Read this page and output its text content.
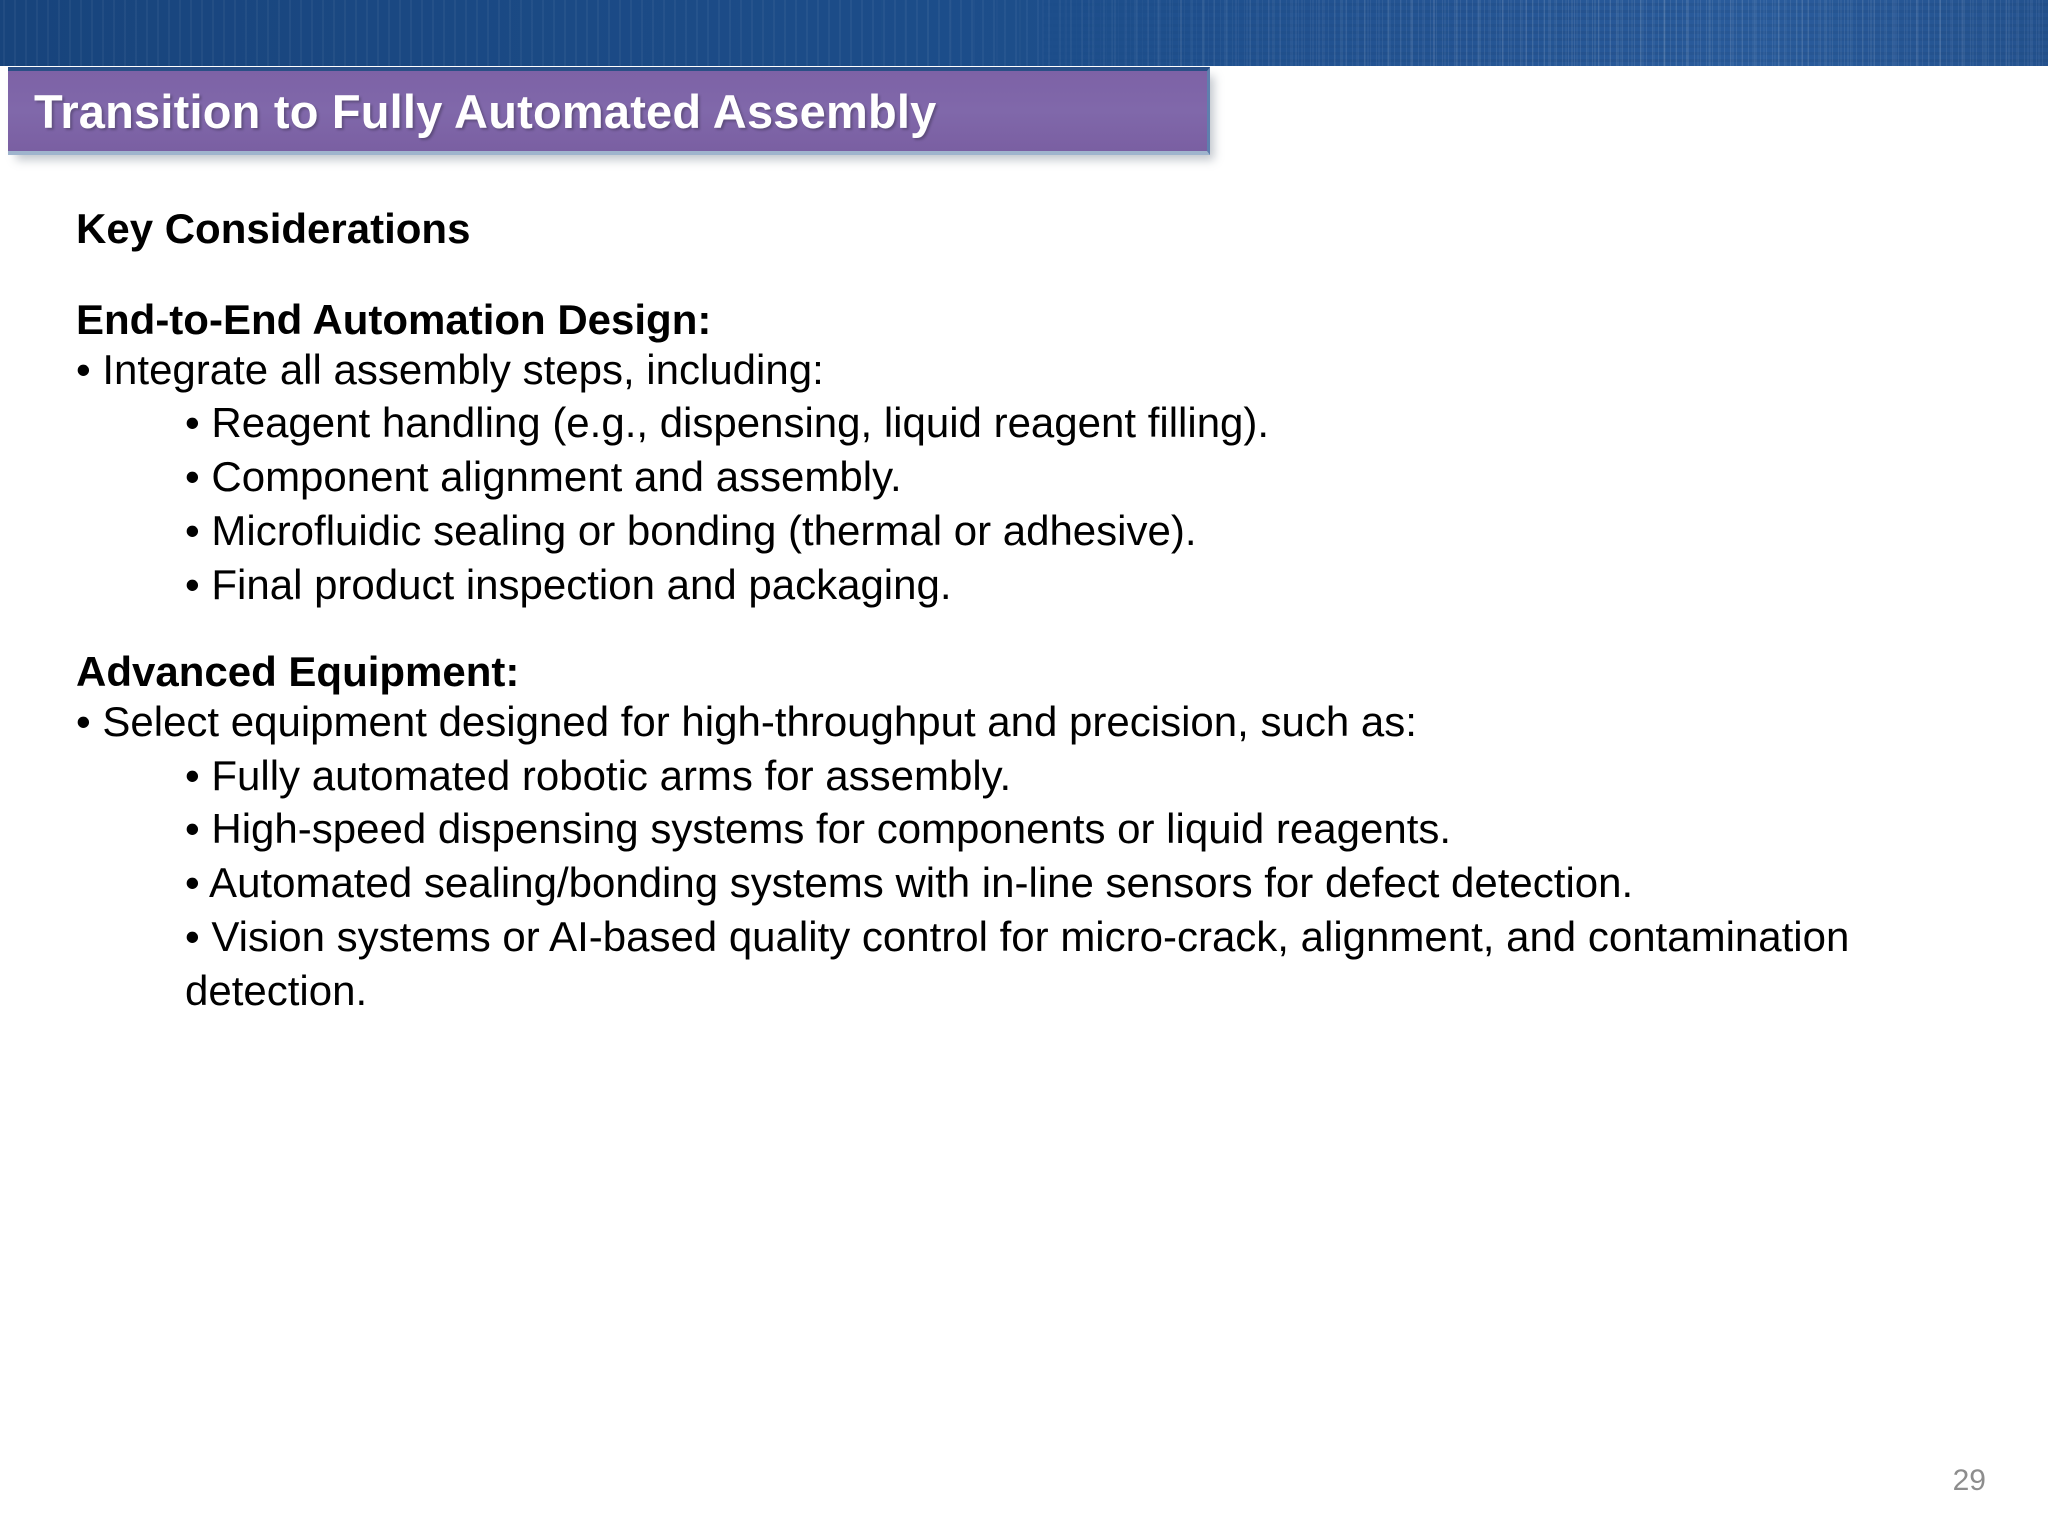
Transition to Fully Automated Assembly
Key Considerations
End-to-End Automation Design:
• Integrate all assembly steps, including:
• Reagent handling (e.g., dispensing, liquid reagent filling).
• Component alignment and assembly.
• Microfluidic sealing or bonding (thermal or adhesive).
• Final product inspection and packaging.
Advanced Equipment:
• Select equipment designed for high-throughput and precision, such as:
• Fully automated robotic arms for assembly.
• High-speed dispensing systems for components or liquid reagents.
• Automated sealing/bonding systems with in-line sensors for defect detection.
• Vision systems or AI-based quality control for micro-crack, alignment, and contamination detection.
29
